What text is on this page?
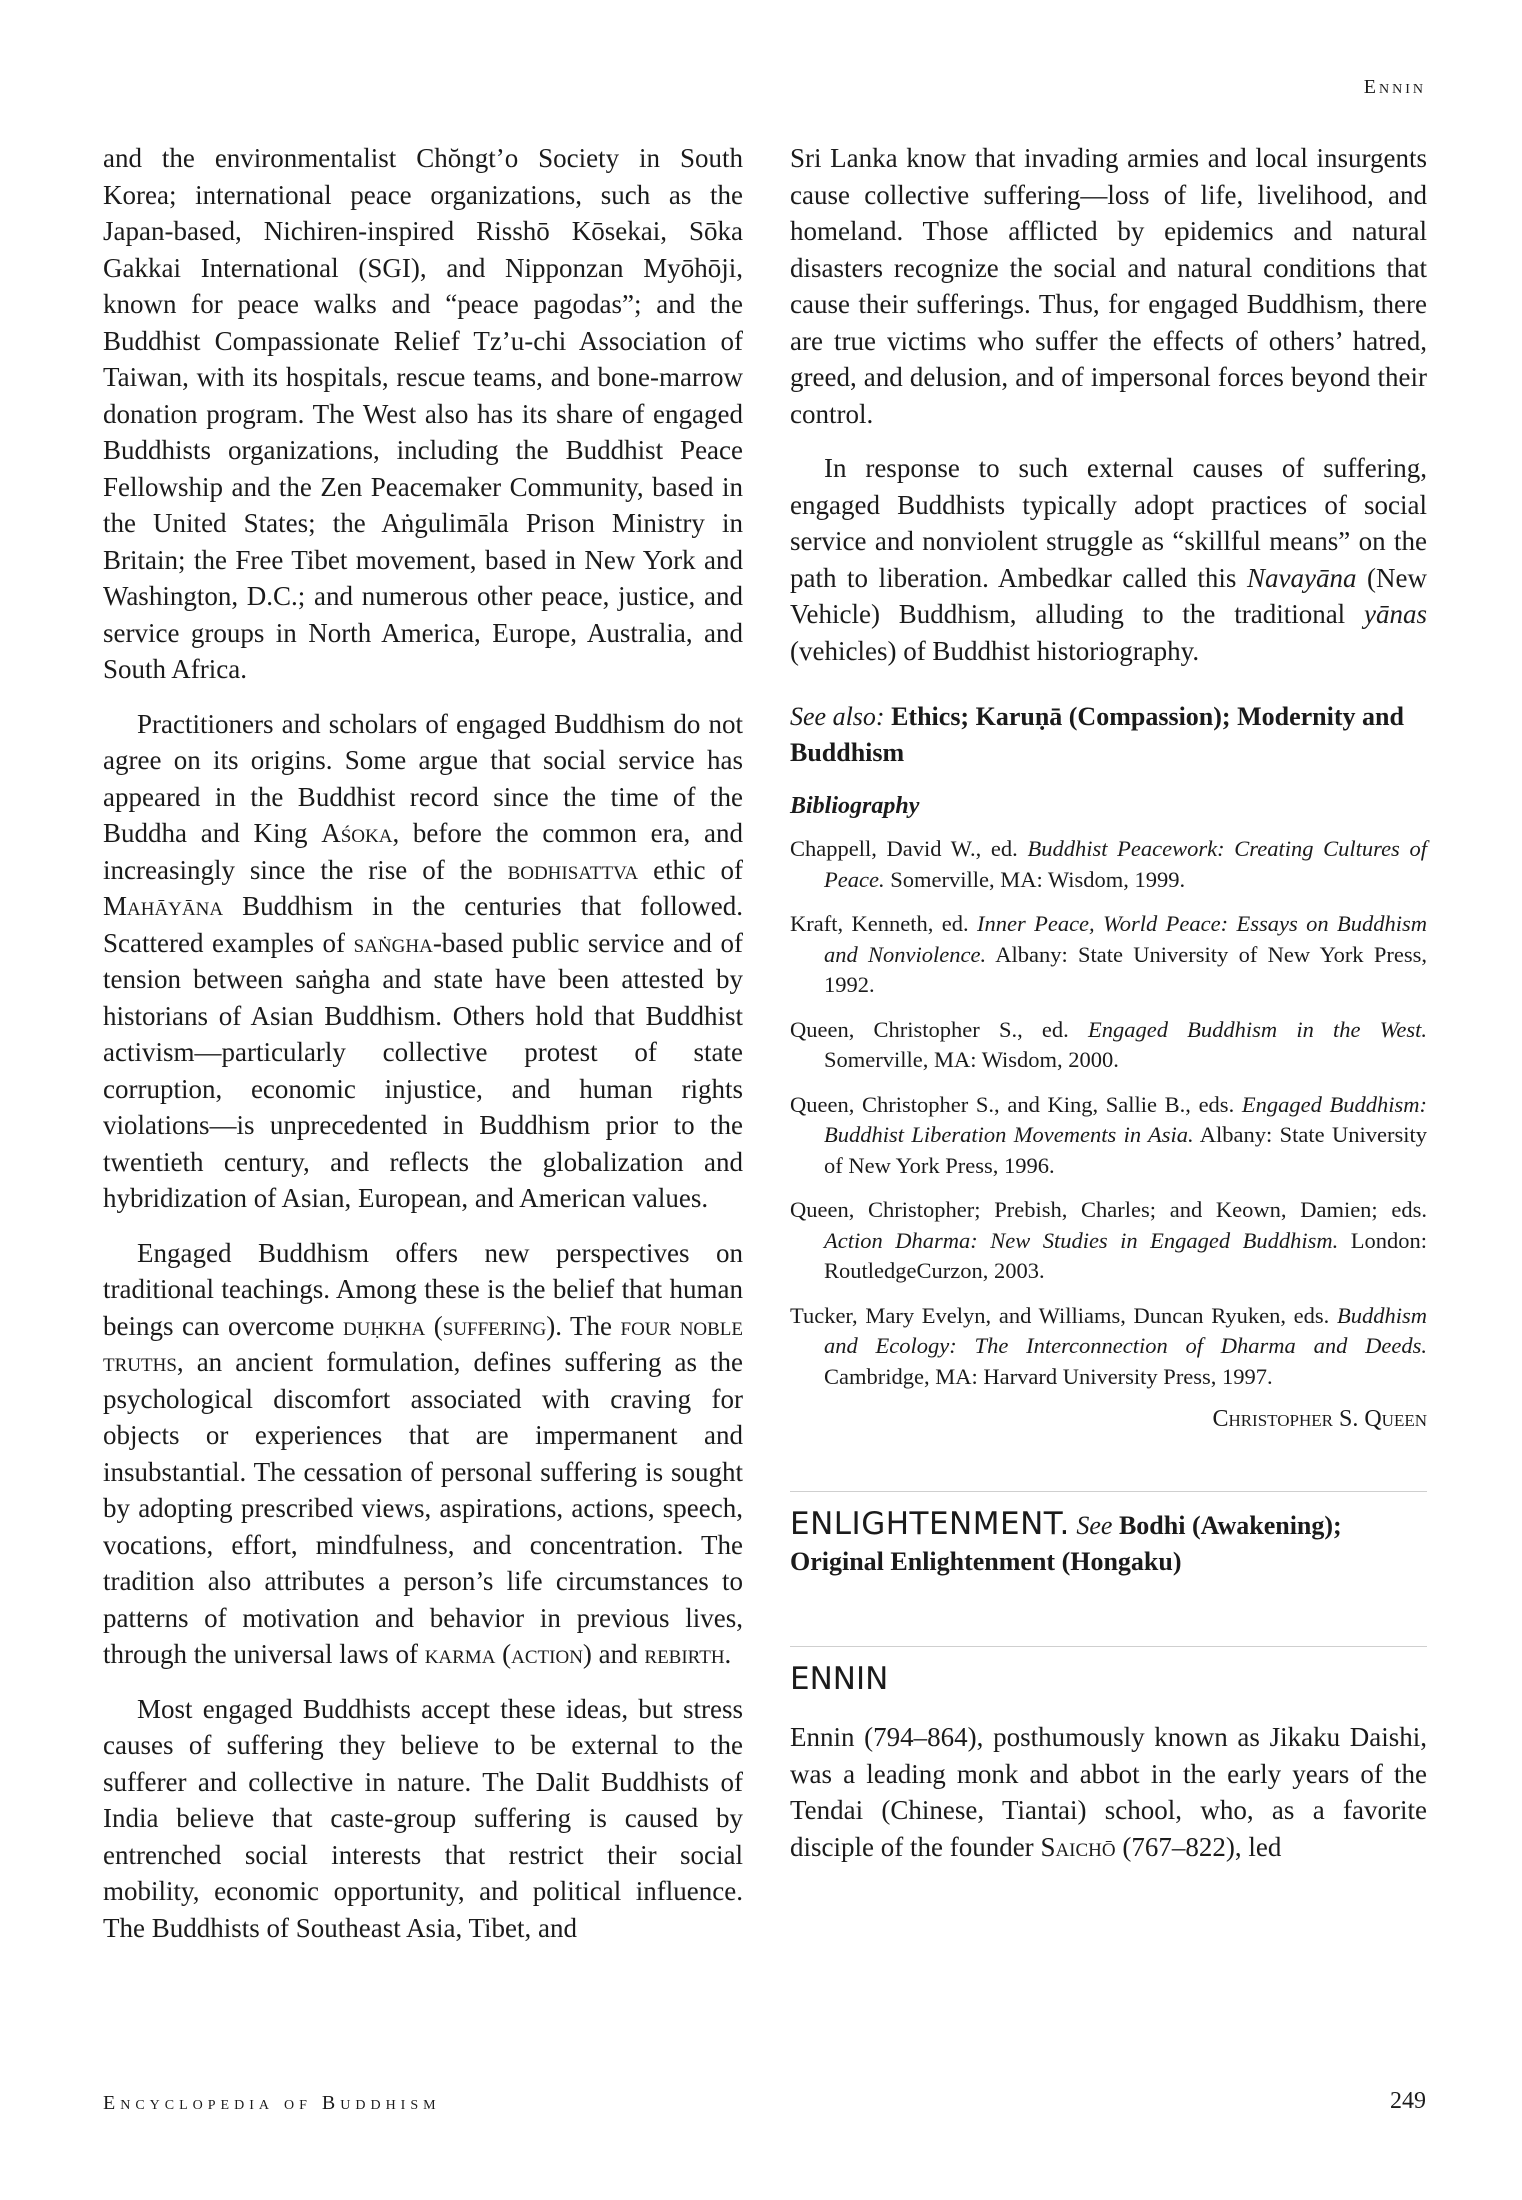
Ennin

and the environmentalist Chŏngt’o Society in South Korea; international peace organizations, such as the Japan-based, Nichiren-inspired Risshō Kōsekai, Sōka Gakkai International (SGI), and Nipponzan Myōhōji, known for peace walks and “peace pagodas”; and the Buddhist Compassionate Relief Tz’u-chi Association of Taiwan, with its hospitals, rescue teams, and bone-marrow donation program. The West also has its share of engaged Buddhists organizations, including the Buddhist Peace Fellowship and the Zen Peacemaker Community, based in the United States; the Aṅgulimāla Prison Ministry in Britain; the Free Tibet movement, based in New York and Washington, D.C.; and numerous other peace, justice, and service groups in North America, Europe, Australia, and South Africa.

Practitioners and scholars of engaged Buddhism do not agree on its origins. Some argue that social service has appeared in the Buddhist record since the time of the Buddha and King Aśoka, before the common era, and increasingly since the rise of the bodhisattva ethic of Mahāyāna Buddhism in the centuries that followed. Scattered examples of saṅgha-based public service and of tension between saṅgha and state have been attested by historians of Asian Buddhism. Others hold that Buddhist activism—particularly collective protest of state corruption, economic injustice, and human rights violations—is unprecedented in Buddhism prior to the twentieth century, and reflects the globalization and hybridization of Asian, European, and American values.

Engaged Buddhism offers new perspectives on traditional teachings. Among these is the belief that human beings can overcome duḥkha (suffering). The four noble truths, an ancient formulation, defines suffering as the psychological discomfort associated with craving for objects or experiences that are impermanent and insubstantial. The cessation of personal suffering is sought by adopting prescribed views, aspirations, actions, speech, vocations, effort, mindfulness, and concentration. The tradition also attributes a person’s life circumstances to patterns of motivation and behavior in previous lives, through the universal laws of karma (action) and rebirth.

Most engaged Buddhists accept these ideas, but stress causes of suffering they believe to be external to the sufferer and collective in nature. The Dalit Buddhists of India believe that caste-group suffering is caused by entrenched social interests that restrict their social mobility, economic opportunity, and political influence. The Buddhists of Southeast Asia, Tibet, and

Sri Lanka know that invading armies and local insurgents cause collective suffering—loss of life, livelihood, and homeland. Those afflicted by epidemics and natural disasters recognize the social and natural conditions that cause their sufferings. Thus, for engaged Buddhism, there are true victims who suffer the effects of others’ hatred, greed, and delusion, and of impersonal forces beyond their control.

In response to such external causes of suffering, engaged Buddhists typically adopt practices of social service and nonviolent struggle as “skillful means” on the path to liberation. Ambedkar called this Navayāna (New Vehicle) Buddhism, alluding to the traditional yānas (vehicles) of Buddhist historiography.

See also: Ethics; Karuṇā (Compassion); Modernity and Buddhism
Bibliography

Chappell, David W., ed. Buddhist Peacework: Creating Cultures of Peace. Somerville, MA: Wisdom, 1999.

Kraft, Kenneth, ed. Inner Peace, World Peace: Essays on Buddhism and Nonviolence. Albany: State University of New York Press, 1992.

Queen, Christopher S., ed. Engaged Buddhism in the West. Somerville, MA: Wisdom, 2000.

Queen, Christopher S., and King, Sallie B., eds. Engaged Buddhism: Buddhist Liberation Movements in Asia. Albany: State University of New York Press, 1996.

Queen, Christopher; Prebish, Charles; and Keown, Damien; eds. Action Dharma: New Studies in Engaged Buddhism. London: RoutledgeCurzon, 2003.

Tucker, Mary Evelyn, and Williams, Duncan Ryuken, eds. Buddhism and Ecology: The Interconnection of Dharma and Deeds. Cambridge, MA: Harvard University Press, 1997.

Christopher S. Queen

ENLIGHTENMENT. See Bodhi (Awakening); Original Enlightenment (Hongaku)

ENNIN

Ennin (794–864), posthumously known as Jikaku Daishi, was a leading monk and abbot in the early years of the Tendai (Chinese, Tiantai) school, who, as a favorite disciple of the founder Saichō (767–822), led

Encyclopedia of Buddhism	249
